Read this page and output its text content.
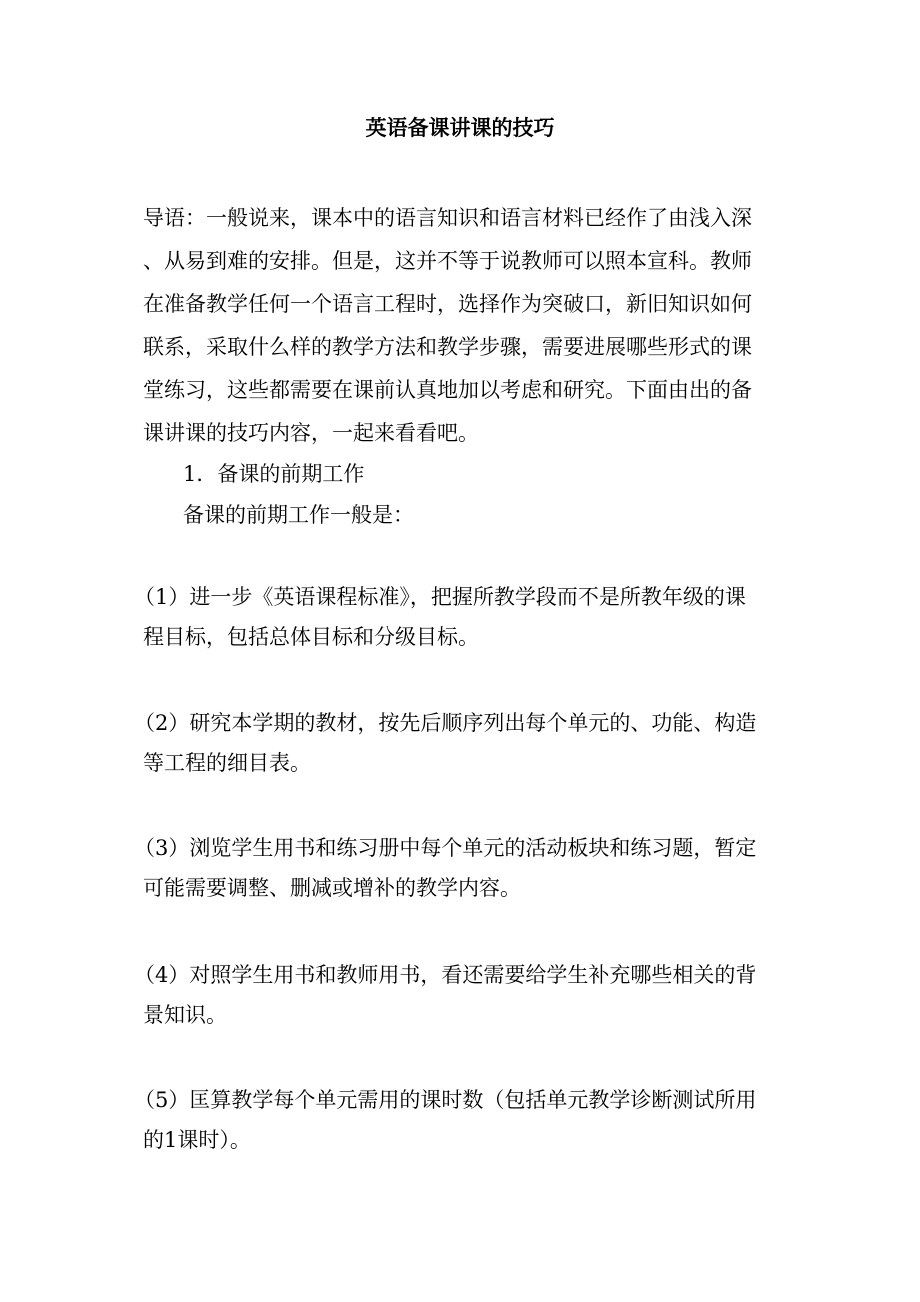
英语备课讲课的技巧
导语：一般说来，课本中的语言知识和语言材料已经作了由浅入深
、从易到难的安排。但是，这并不等于说教师可以照本宣科。教师
在准备教学任何一个语言工程时，选择作为突破口，新旧知识如何
联系，采取什么样的教学方法和教学步骤，需要进展哪些形式的课
堂练习，这些都需要在课前认真地加以考虑和研究。下面由出的备
课讲课的技巧内容，一起来看看吧。
1．备课的前期工作
备课的前期工作一般是：
（1）进一步《英语课程标准》，把握所教学段而不是所教年级的课
程目标，包括总体目标和分级目标。
（2）研究本学期的教材，按先后顺序列出每个单元的、功能、构造
等工程的细目表。
（3）浏览学生用书和练习册中每个单元的活动板块和练习题，暂定
可能需要调整、删减或增补的教学内容。
（4）对照学生用书和教师用书，看还需要给学生补充哪些相关的背
景知识。
（5）匡算教学每个单元需用的课时数（包括单元教学诊断测试所用
的1课时）。
